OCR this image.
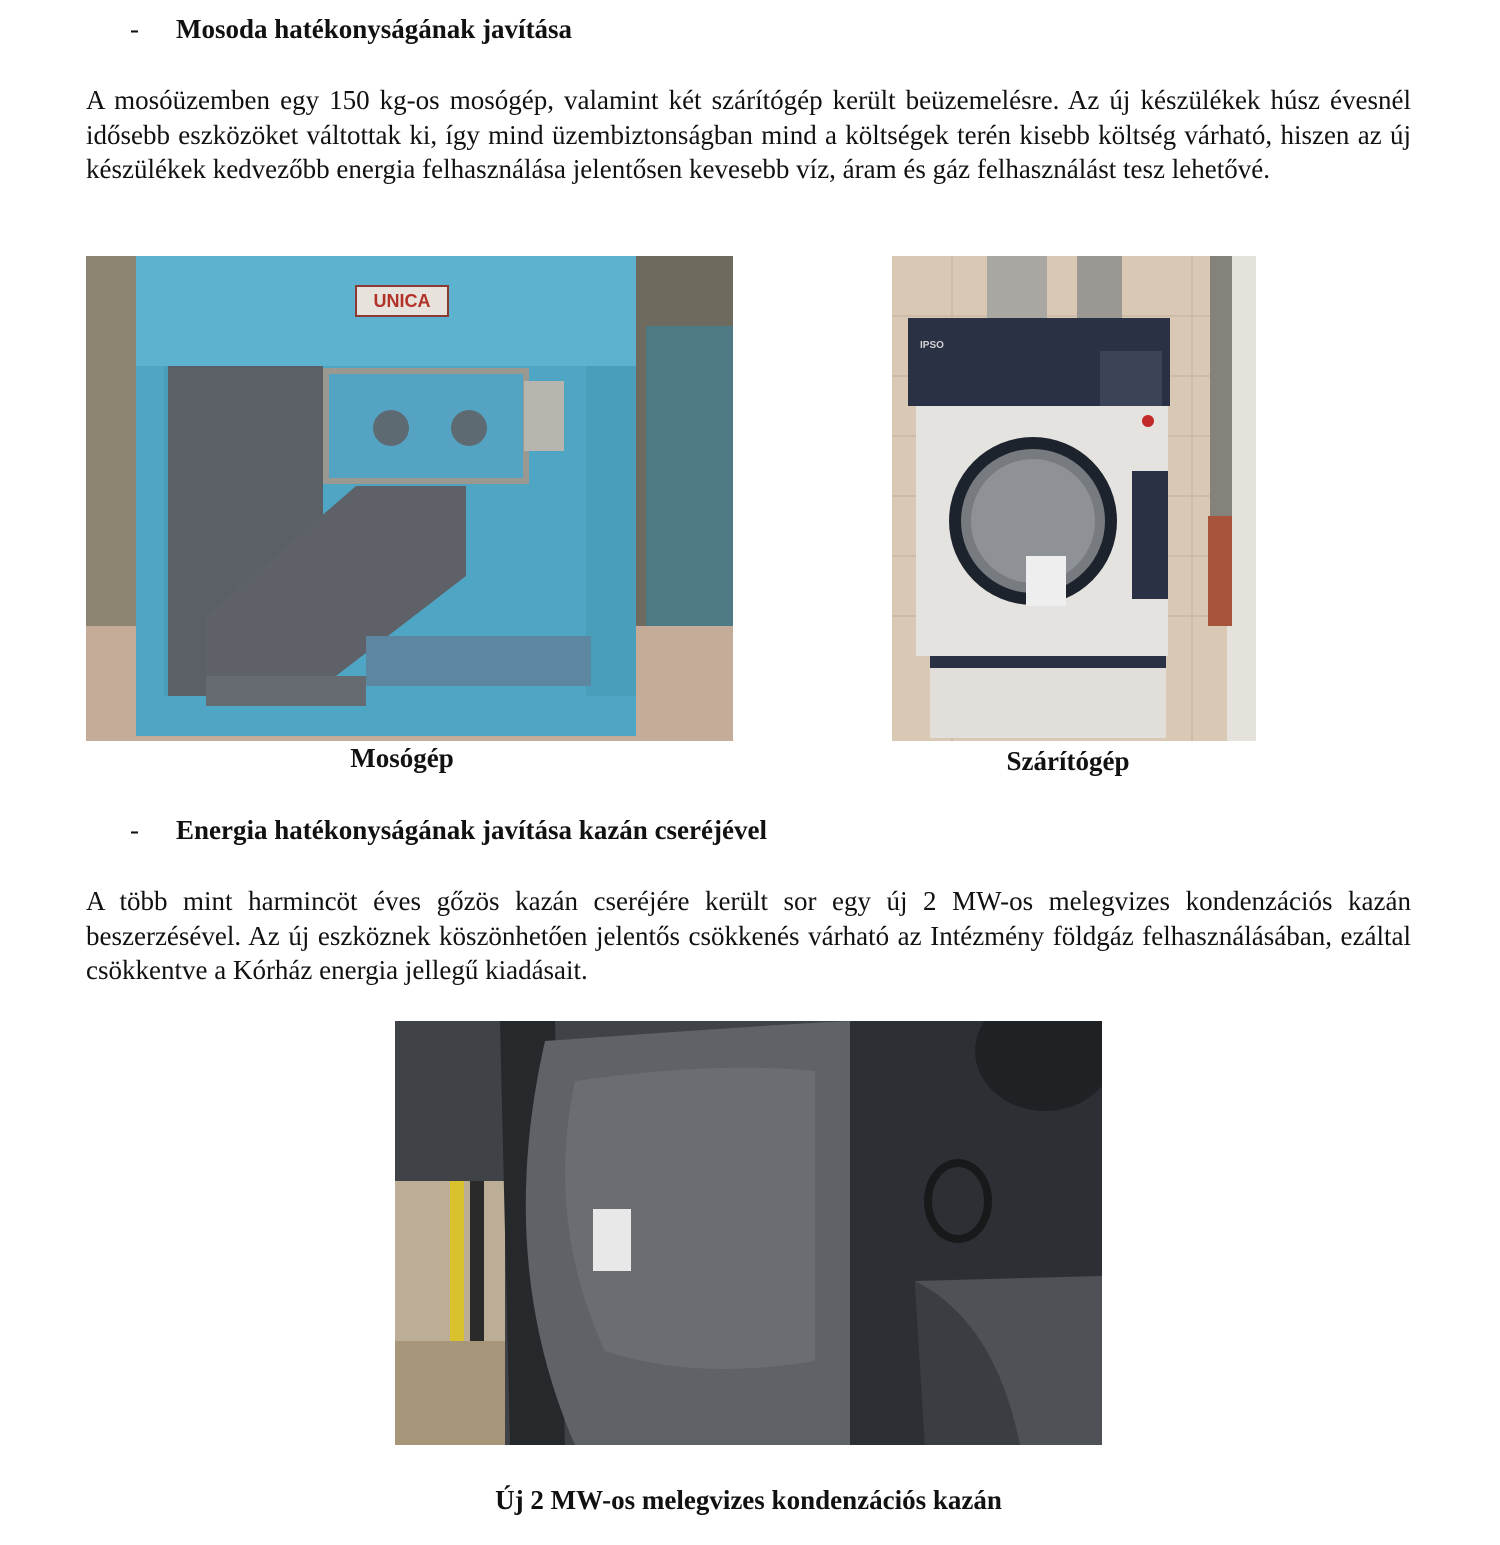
- Mosoda hatékonyságának javítása

A mosóüzemben egy 150 kg-os mosógép, valamint két szárítógép került beüzemelésre. Az új készülékek húsz évesnél idősebb eszközöket váltottak ki, így mind üzembiztonságban mind a költségek terén kisebb költség várható, hiszen az új készülékek kedvezőbb energia felhasználása jelentősen kevesebb víz, áram és gáz felhasználást tesz lehetővé.

UNICA
Mosógép
IPSO
Szárítógép
- Energia hatékonyságának javítása kazán cseréjével

A több mint harmincöt éves gőzös kazán cseréjére került sor egy új 2 MW-os melegvizes kondenzációs kazán beszerzésével. Az új eszköznek köszönhetően jelentős csökkenés várható az Intézmény földgáz felhasználásában, ezáltal csökkentve a Kórház energia jellegű kiadásait.

Új 2 MW-os melegvizes kondenzációs kazán
